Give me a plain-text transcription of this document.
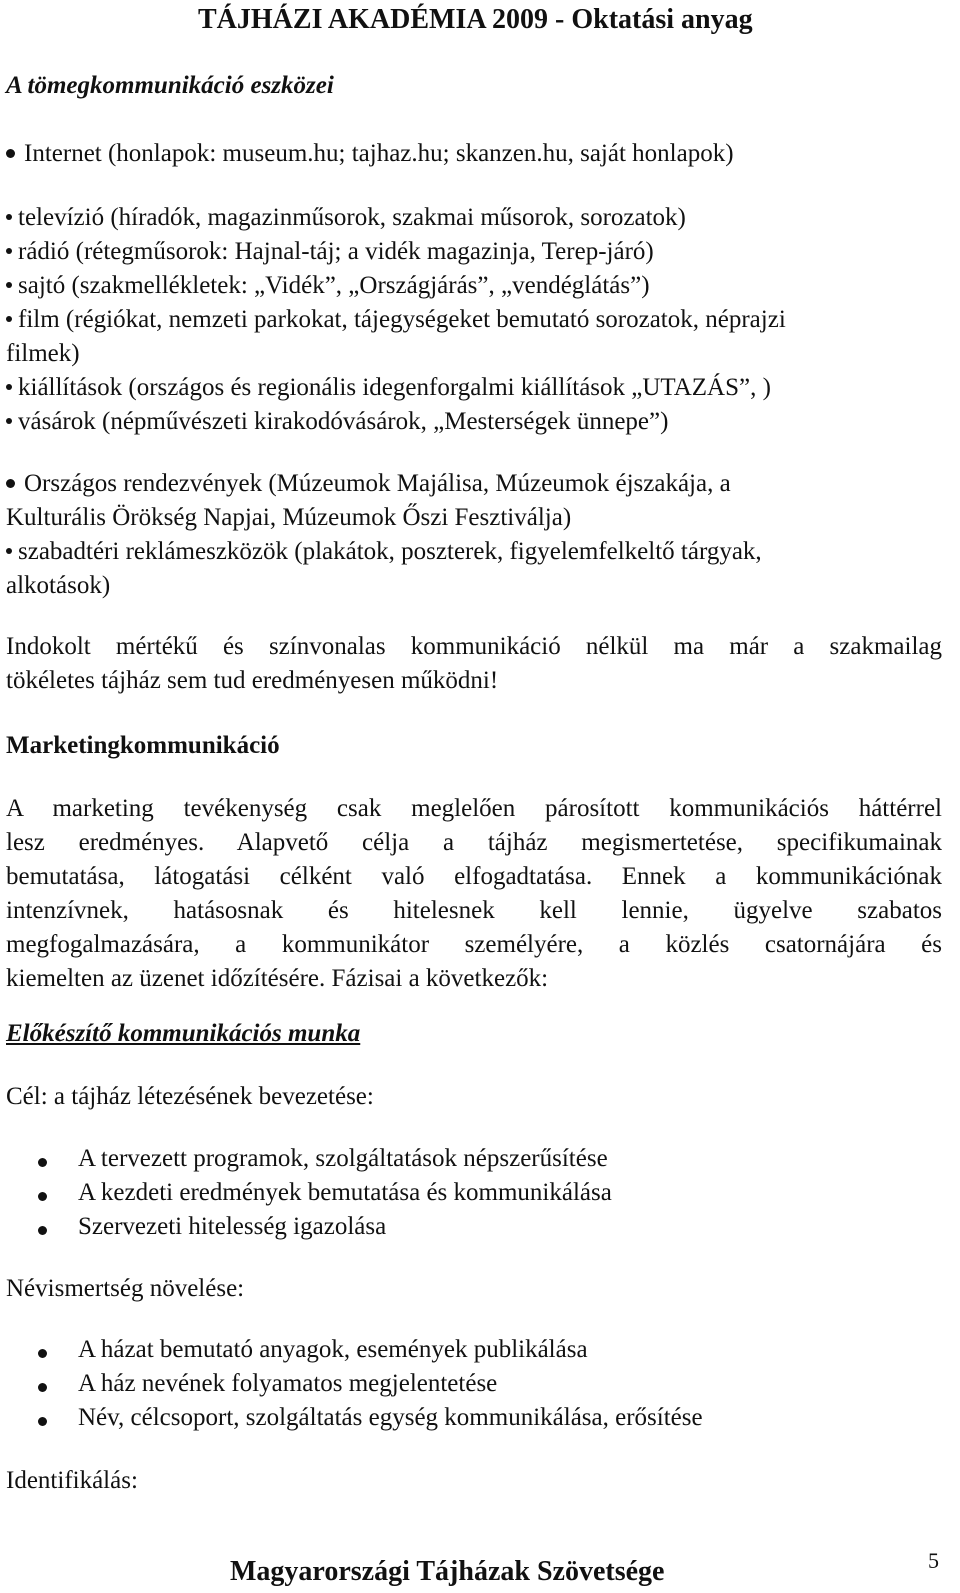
TÁJHÁZI AKADÉMIA 2009 - Oktatási anyag
A tömegkommunikáció eszközei
Internet (honlapok: museum.hu; tajhaz.hu; skanzen.hu, saját honlapok)
televízió (híradók, magazinműsorok, szakmai műsorok, sorozatok)
rádió (rétegműsorok: Hajnal-táj; a vidék magazinja, Terep-járó)
sajtó (szakmellékletek: „Vidék”, „Országjárás”, „vendéglátás”)
film (régiókat, nemzeti parkokat, tájegységeket bemutató sorozatok, néprajzi
filmek)
kiállítások (országos és regionális idegenforgalmi kiállítások „UTAZÁS”, )
vásárok (népművészeti kirakodóvásárok, „Mesterségek ünnepe”)
Országos rendezvények (Múzeumok Majálisa, Múzeumok éjszakája, a
Kulturális Örökség Napjai, Múzeumok Őszi Fesztiválja)
szabadtéri reklámeszközök (plakátok, poszterek, figyelemfelkeltő tárgyak,
alkotások)
Indokolt mértékű és színvonalas kommunikáció nélkül ma már a szakmailag
tökéletes tájház sem tud eredményesen működni!
Marketingkommunikáció
A marketing tevékenység csak meglelően párosított kommunikációs háttérrel
lesz eredményes. Alapvető célja a tájház megismertetése, specifikumainak
bemutatása, látogatási célként való elfogadtatása. Ennek a kommunikációnak
intenzívnek, hatásosnak és hitelesnek kell lennie, ügyelve szabatos
megfogalmazására, a kommunikátor személyére, a közlés csatornájára és
kiemelten az üzenet időzítésére. Fázisai a következők:
Előkészítő kommunikációs munka
Cél: a tájház létezésének bevezetése:
A tervezett programok, szolgáltatások népszerűsítése
A kezdeti eredmények bemutatása és kommunikálása
Szervezeti hitelesség igazolása
Névismertség növelése:
A házat bemutató anyagok, események publikálása
A ház nevének folyamatos megjelentetése
Név, célcsoport, szolgáltatás egység kommunikálása, erősítése
Identifikálás:
Magyarországi Tájházak Szövetsége	5
